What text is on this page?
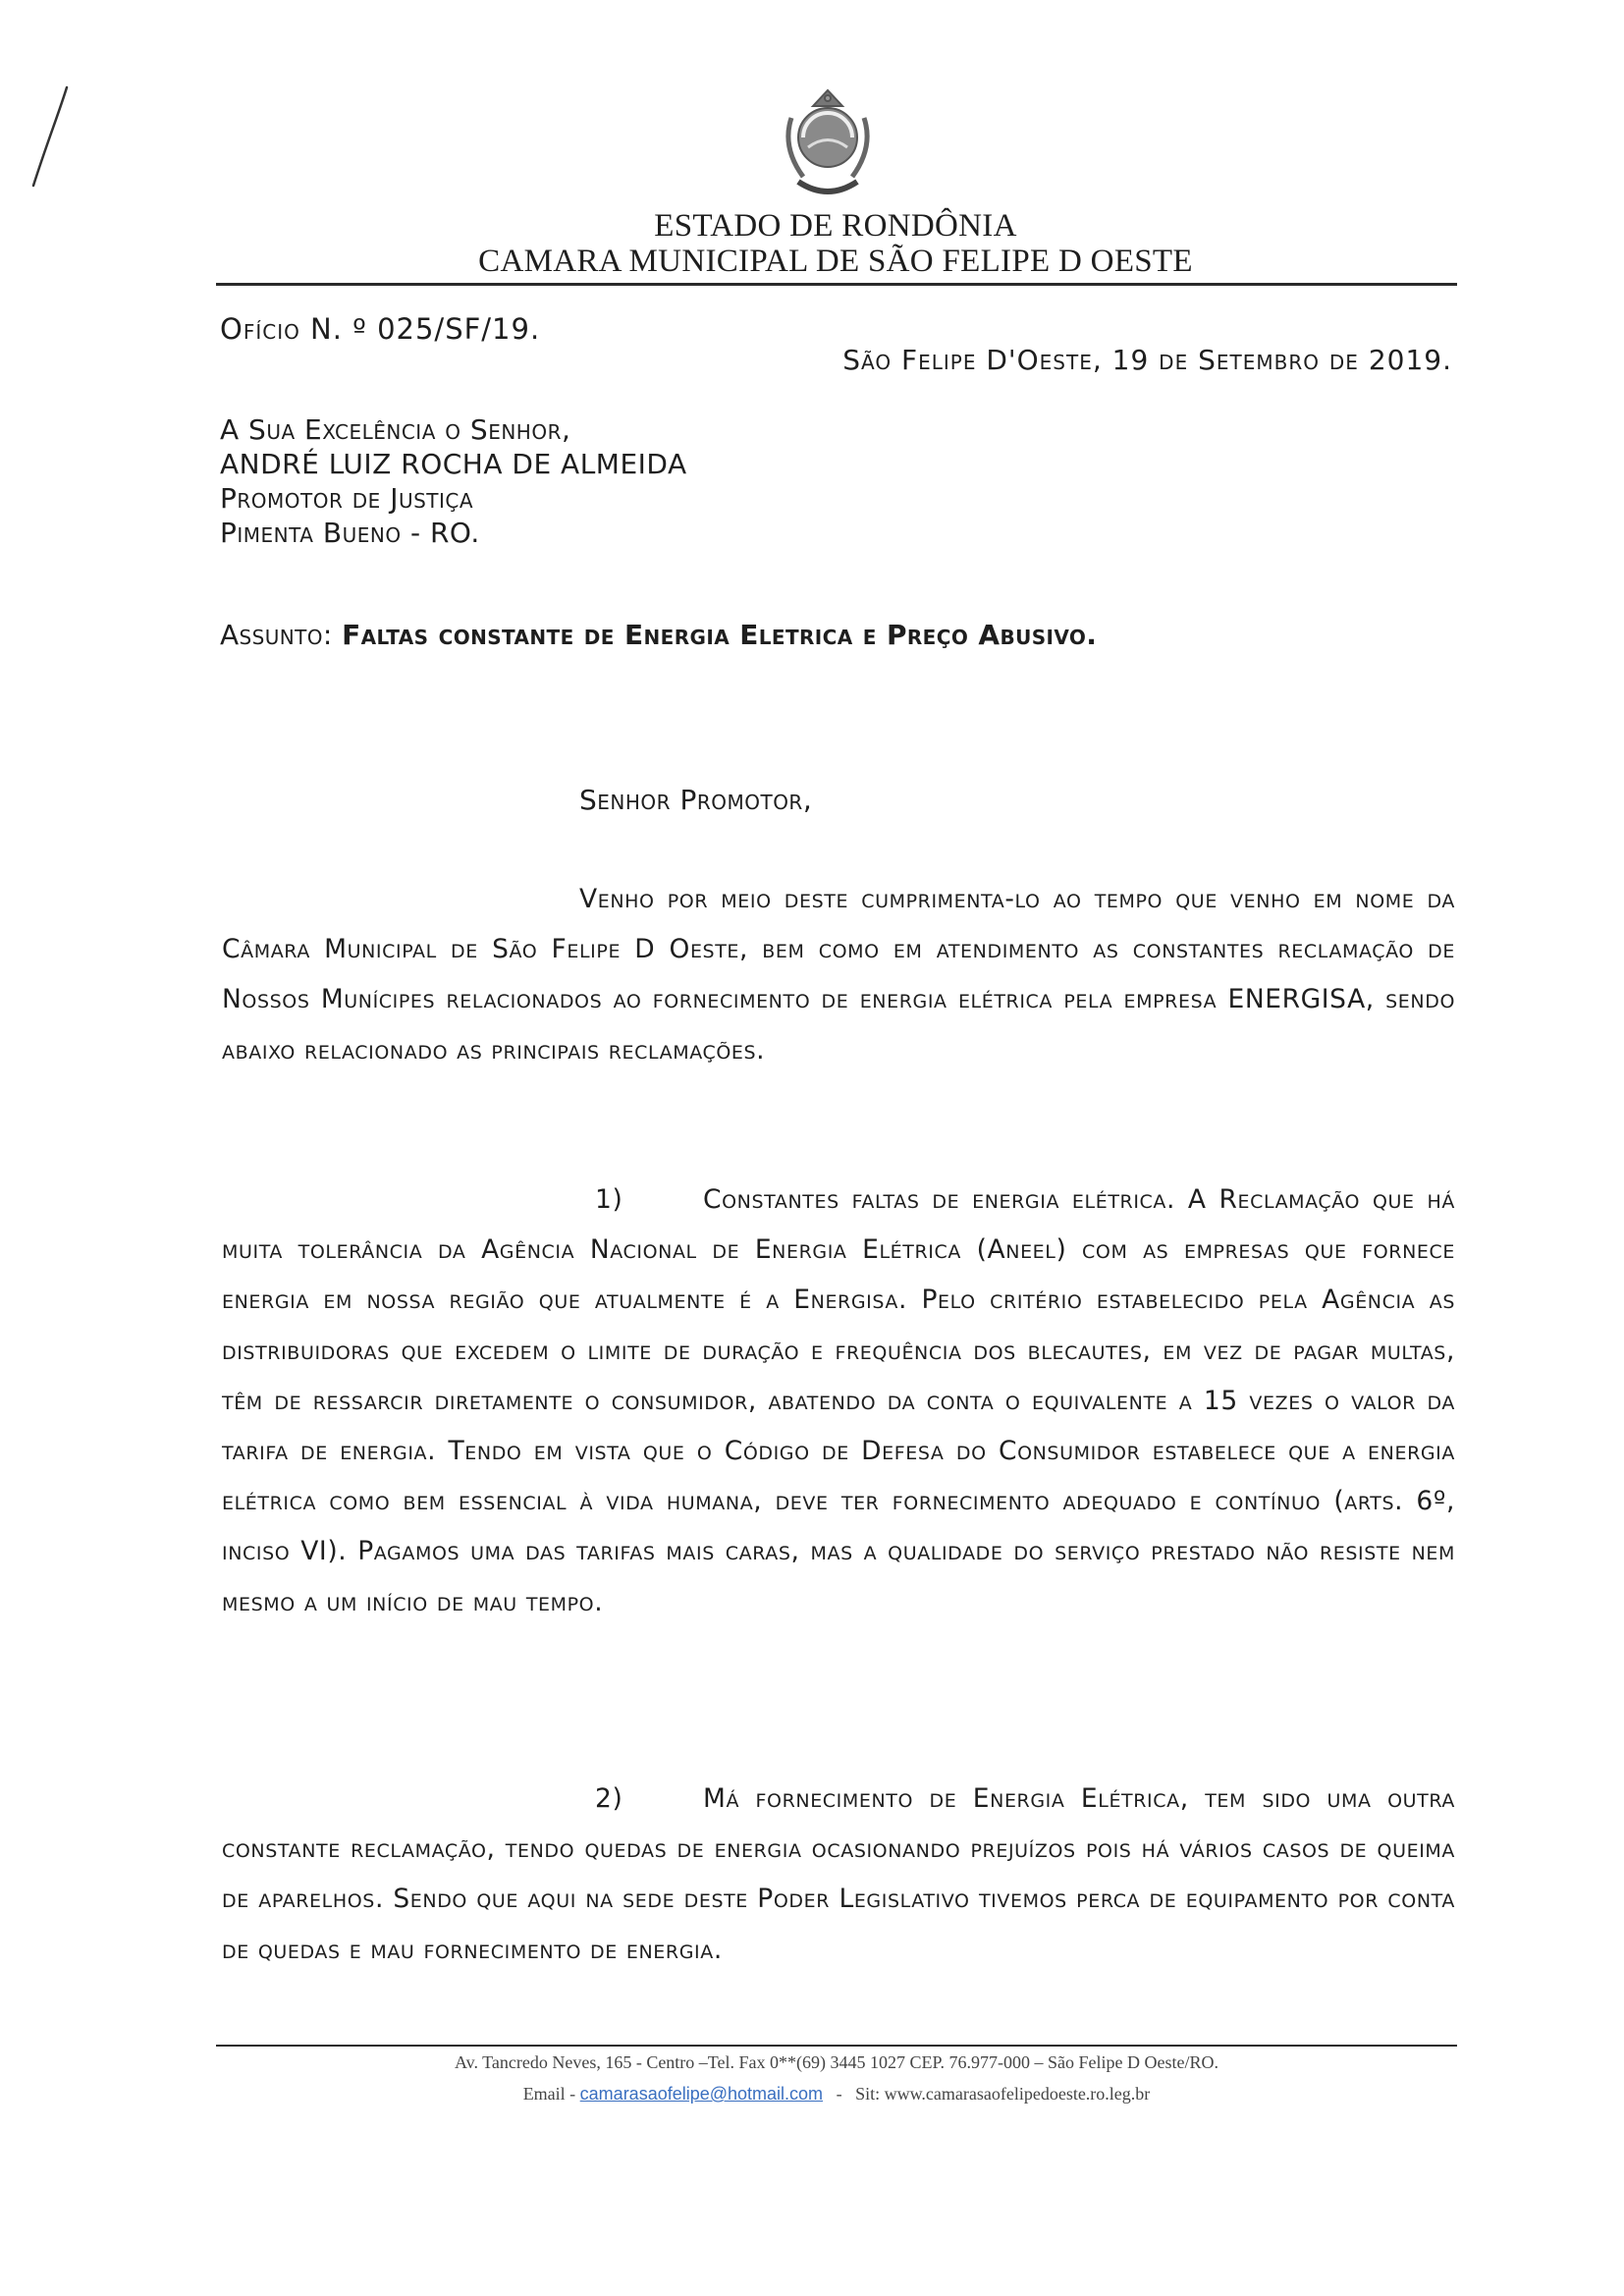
ESTADO DE RONDÔNIA
CAMARA MUNICIPAL DE SÃO FELIPE D OESTE
Ofício N. º 025/SF/19.
São Felipe D'Oeste, 19 de Setembro de 2019.
A Sua Excelência o Senhor,
ANDRÉ LUIZ ROCHA DE ALMEIDA
Promotor de Justiça
Pimenta Bueno - RO.
Assunto: Faltas constante de Energia Eletrica e Preço Abusivo.
Senhor Promotor,
Venho por meio deste cumprimenta-lo ao tempo que venho em nome da Câmara Municipal de São Felipe D Oeste, bem como em atendimento as constantes reclamação de Nossos Munícipes relacionados ao fornecimento de energia elétrica pela empresa ENERGISA, sendo abaixo relacionado as principais reclamações.
1)	Constantes faltas de energia elétrica. A Reclamação que há muita tolerância da Agência Nacional de Energia Elétrica (Aneel) com as empresas que fornece energia em nossa região que atualmente é a Energisa. Pelo critério estabelecido pela Agência as distribuidoras que excedem o limite de duração e frequência dos blecautes, em vez de pagar multas, têm de ressarcir diretamente o consumidor, abatendo da conta o equivalente a 15 vezes o valor da tarifa de energia. Tendo em vista que o Código de Defesa do Consumidor estabelece que a energia elétrica como bem essencial à vida humana, deve ter fornecimento adequado e contínuo (arts. 6º, inciso VI). Pagamos uma das tarifas mais caras, mas a qualidade do serviço prestado não resiste nem mesmo a um início de mau tempo.
2)	Má fornecimento de Energia Elétrica, tem sido uma outra constante reclamação, tendo quedas de energia ocasionando prejuízos pois há vários casos de queima de aparelhos. Sendo que aqui na sede deste Poder Legislativo tivemos perca de equipamento por conta de quedas e mau fornecimento de energia.
Av. Tancredo Neves, 165 - Centro –Tel. Fax 0**(69) 3445 1027 CEP. 76.977-000 – São Felipe D Oeste/RO.
Email - camarasaofelipe@hotmail.com - Sit: www.camarasaofelipedoeste.ro.leg.br
